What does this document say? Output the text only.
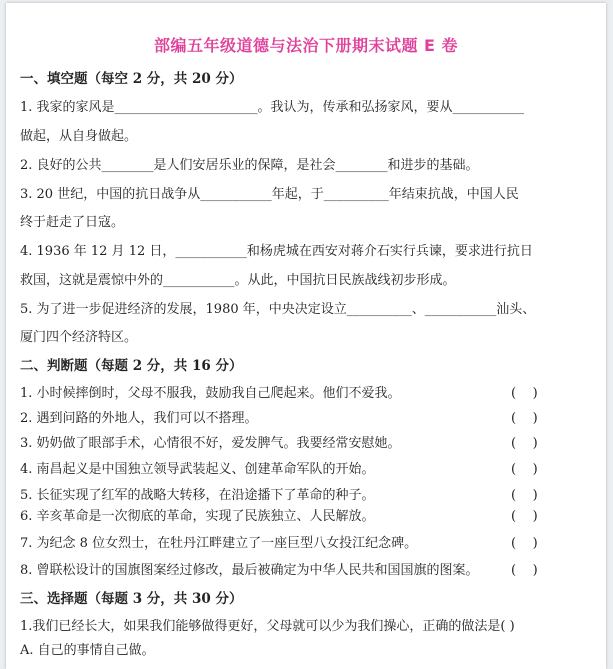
部编五年级道德与法治下册期末试题 E 卷
一、填空题（每空 2 分，共 20 分）
1. 我家的家风是______________________。我认为，传承和弘扬家风，要从___________
做起，从自身做起。
2. 良好的公共________是人们安居乐业的保障，是社会________和进步的基础。
3. 20 世纪，中国的抗日战争从___________年起，于__________年结束抗战，中国人民
终于赶走了日寇。
4. 1936 年 12 月 12 日，___________和杨虎城在西安对蒋介石实行兵谏，要求进行抗日
救国，这就是震惊中外的___________。从此，中国抗日民族战线初步形成。
5. 为了进一步促进经济的发展，1980 年，中央决定设立__________、___________汕头、
厦门四个经济特区。
二、判断题（每题 2 分，共 16 分）
1. 小时候摔倒时，父母不服我，鼓励我自己爬起来。他们不爱我。	(    )
2. 遇到问路的外地人，我们可以不搭理。	(    )
3. 奶奶做了眼部手术，心情很不好，爱发脾气。我要经常安慰她。	(    )
4. 南昌起义是中国独立领导武装起义、创建革命军队的开始。	(    )
5. 长征实现了红军的战略大转移，在沿途播下了革命的种子。	(    )
6. 辛亥革命是一次彻底的革命，实现了民族独立、人民解放。	(    )
7. 为纪念 8 位女烈士，在牡丹江畔建立了一座巨型八女投江纪念碑。	(    )
8. 曾联松设计的国旗图案经过修改，最后被确定为中华人民共和国国旗的图案。 (    )
三、选择题（每题 3 分，共 30 分）
1.我们已经长大，如果我们能够做得更好，父母就可以少为我们操心，正确的做法是( )
A. 自己的事情自己做。
